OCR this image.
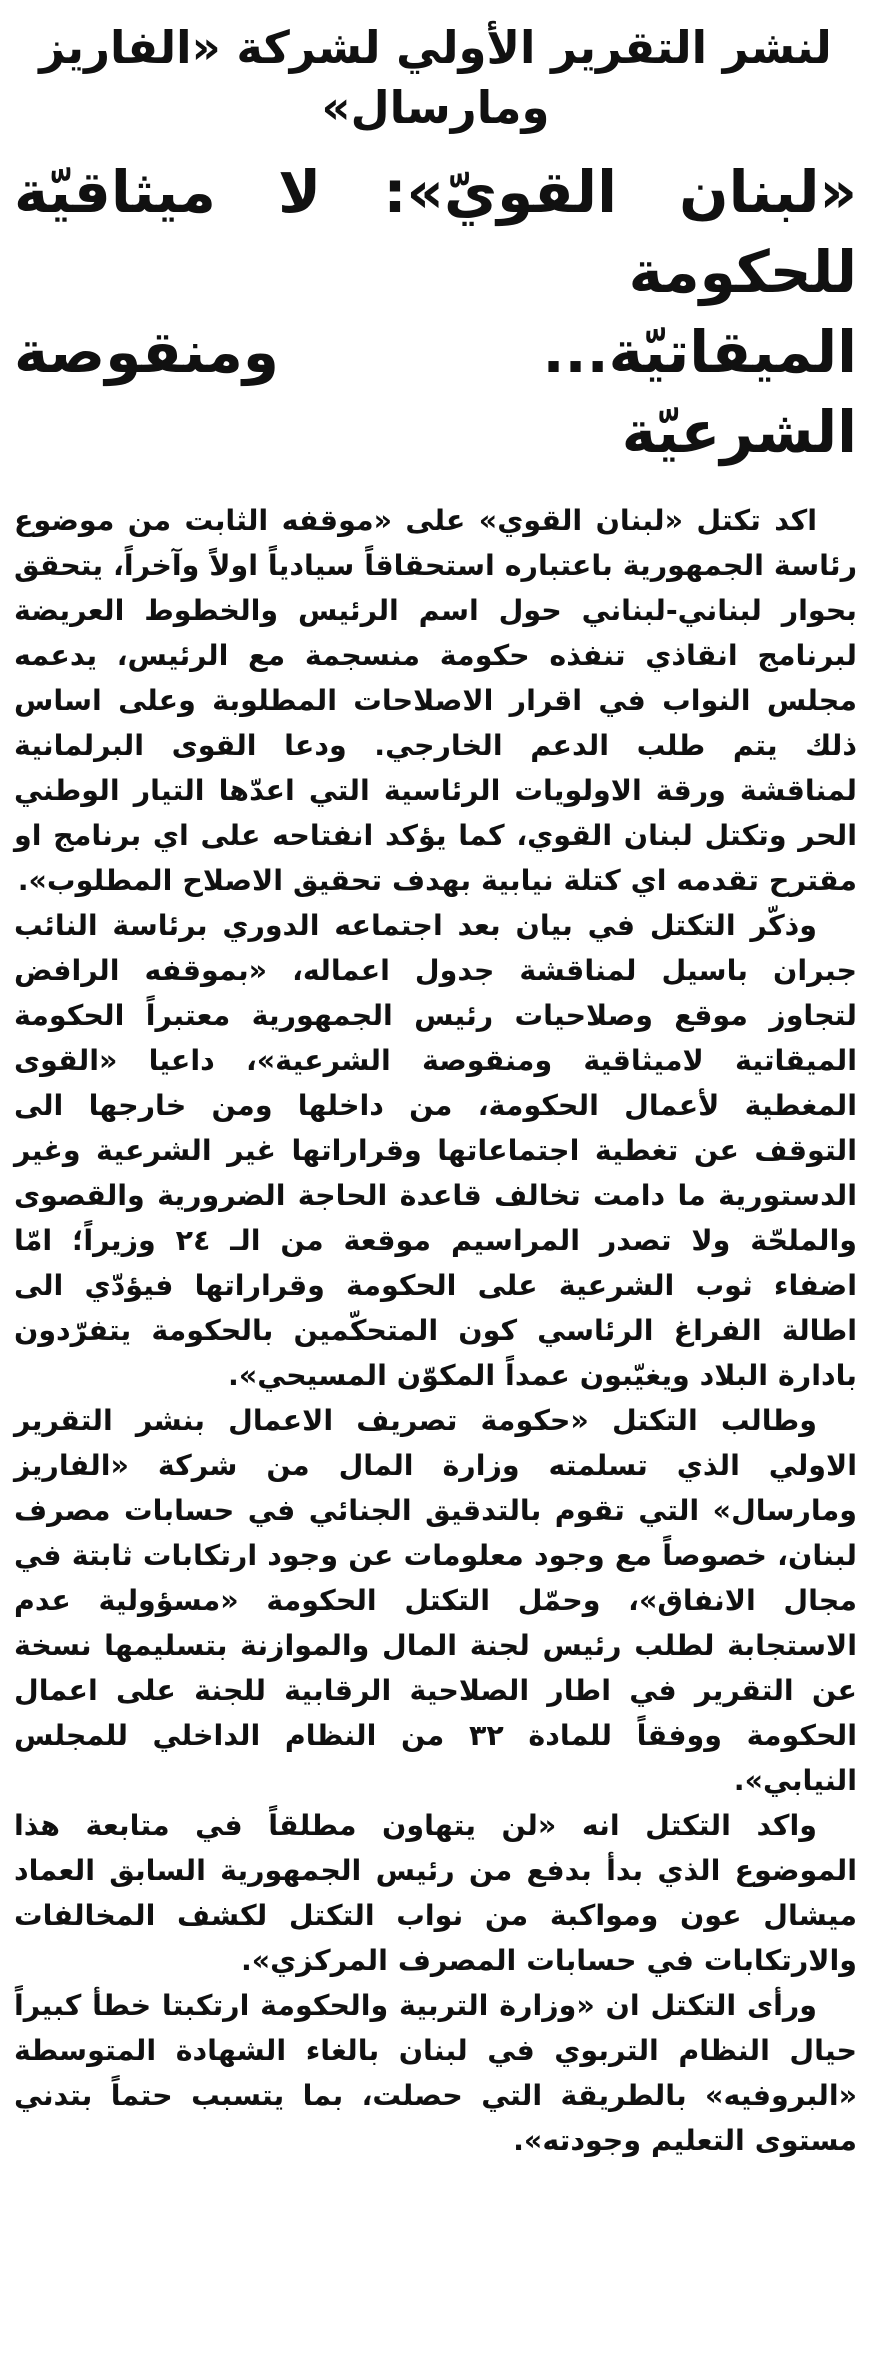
لنشر التقرير الأولي لشركة «الفاريز ومارسال»
«لبنان القويّ»: لا ميثاقيّة للحكومة
الميقاتيّة... ومنقوصة الشرعيّة

اكد تكتل «لبنان القوي» على «موقفه الثابت من موضوع رئاسة الجمهورية باعتباره استحقاقاً سيادياً اولاً وآخراً، يتحقق بحوار لبناني-لبناني حول اسم الرئيس والخطوط العريضة لبرنامج انقاذي تنفذه حكومة منسجمة مع الرئيس، يدعمه مجلس النواب في اقرار الاصلاحات المطلوبة وعلى اساس ذلك يتم طلب الدعم الخارجي. ودعا القوى البرلمانية لمناقشة ورقة الاولويات الرئاسية التي اعدّها التيار الوطني الحر وتكتل لبنان القوي، كما يؤكد انفتاحه على اي برنامج او مقترح تقدمه اي كتلة نيابية بهدف تحقيق الاصلاح المطلوب».

وذكّر التكتل في بيان بعد اجتماعه الدوري برئاسة النائب جبران باسيل لمناقشة جدول اعماله، «بموقفه الرافض لتجاوز موقع وصلاحيات رئيس الجمهورية معتبراً الحكومة الميقاتية لاميثاقية ومنقوصة الشرعية»، داعيا «القوى المغطية لأعمال الحكومة، من داخلها ومن خارجها الى التوقف عن تغطية اجتماعاتها وقراراتها غير الشرعية وغير الدستورية ما دامت تخالف قاعدة الحاجة الضرورية والقصوى والملحّة ولا تصدر المراسيم موقعة من الـ ٢٤ وزيراً؛ امّا اضفاء ثوب الشرعية على الحكومة وقراراتها فيؤدّي الى اطالة الفراغ الرئاسي كون المتحكّمين بالحكومة يتفرّدون بادارة البلاد ويغيّبون عمداً المكوّن المسيحي».

وطالب التكتل «حكومة تصريف الاعمال بنشر التقرير الاولي الذي تسلمته وزارة المال من شركة «الفاريز ومارسال» التي تقوم بالتدقيق الجنائي في حسابات مصرف لبنان، خصوصاً مع وجود معلومات عن وجود ارتكابات ثابتة في مجال الانفاق»، وحمّل التكتل الحكومة «مسؤولية عدم الاستجابة لطلب رئيس لجنة المال والموازنة بتسليمها نسخة عن التقرير في اطار الصلاحية الرقابية للجنة على اعمال الحكومة ووفقاً للمادة ٣٢ من النظام الداخلي للمجلس النيابي».

واكد التكتل انه «لن يتهاون مطلقاً في متابعة هذا الموضوع الذي بدأ بدفع من رئيس الجمهورية السابق العماد ميشال عون ومواكبة من نواب التكتل لكشف المخالفات والارتكابات في حسابات المصرف المركزي».

ورأى التكتل ان «وزارة التربية والحكومة ارتكبتا خطأ كبيراً حيال النظام التربوي في لبنان بالغاء الشهادة المتوسطة «البروفيه» بالطريقة التي حصلت، بما يتسبب حتماً بتدني مستوى التعليم وجودته».
